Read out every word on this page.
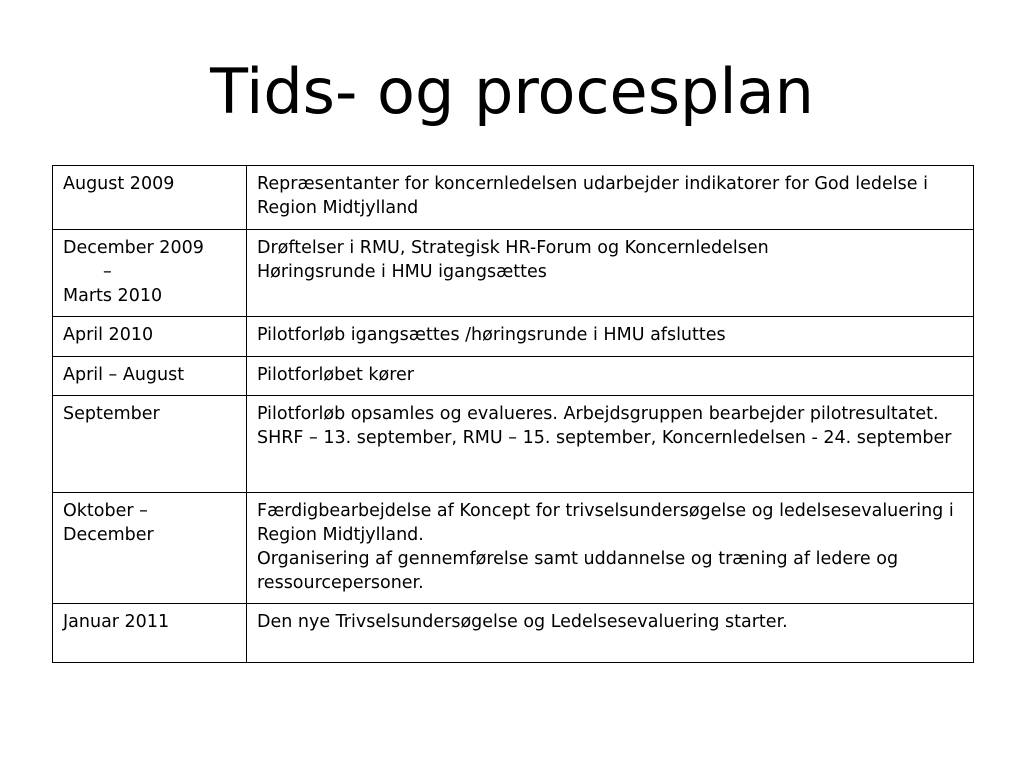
Tids- og procesplan
August 2009	Repræsentanter for koncernledelsen udarbejder indikatorer for God ledelse i Region Midtjylland

December 2009
–
Marts 2010	Drøftelser i RMU, Strategisk HR-Forum og Koncernledelsen
Høringsrunde i HMU igangsættes

April 2010	Pilotforløb igangsættes /høringsrunde i HMU afsluttes

April – August	Pilotforløbet kører

September	Pilotforløb opsamles og evalueres. Arbejdsgruppen bearbejder pilotresultatet. SHRF – 13. september, RMU – 15. september, Koncernledelsen - 24. september

Oktober – December	Færdigbearbejdelse af Koncept for trivselsundersøgelse og ledelsesevaluering i Region Midtjylland.
Organisering af gennemførelse samt uddannelse og træning af ledere og ressourcepersoner.

Januar 2011	Den nye Trivselsundersøgelse og Ledelsesevaluering starter.
